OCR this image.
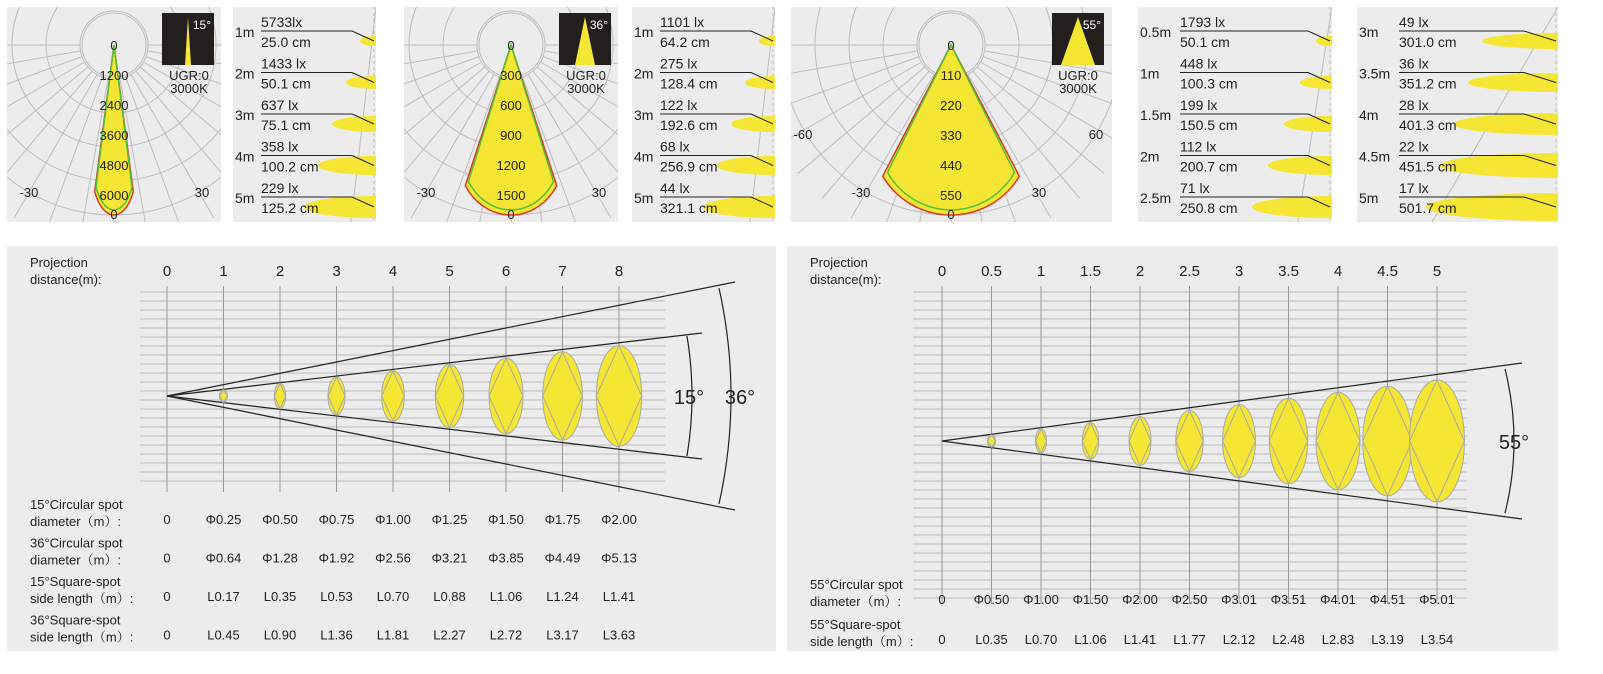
0
1200
2400
3600
4800
6000
0
-30	30
15°
UGR:0
3000K
0
300
600
900
1200
1500
0
-30	30
36°
UGR:0
3000K
0
110
220
330
440
550
0
-60	60
-30	30
55°
UGR:0
3000K
1m
5733lx
25.0 cm
2m
1433 lx
50.1 cm
3m
637 lx
75.1 cm
4m
358 lx
100.2 cm
5m
229 lx
125.2 cm
1m
1101 lx
64.2 cm
2m
275 lx
128.4 cm
3m
122 lx
192.6 cm
4m
68 lx
256.9 cm
5m
44 lx
321.1 cm
0.5m
1793 lx
50.1 cm
1m
448 lx
100.3 cm
1.5m
199 lx
150.5 cm
2m
112 lx
200.7 cm
2.5m
71 lx
250.8 cm
3m
49 lx
301.0 cm
3.5m
36 lx
351.2 cm
4m
28 lx
401.3 cm
4.5m
22 lx
451.5 cm
5m
17 lx
501.7 cm
Projection
distance(m):	0	1	2	3	4	5	6	7	8
15° 36°
15°Circular spot
diameter（m）:	0	Φ0.25 Φ0.50 Φ0.75 Φ1.00 Φ1.25 Φ1.50 Φ1.75 Φ2.00
36°Circular spot
diameter（m）:	0	Φ0.64 Φ1.28 Φ1.92 Φ2.56 Φ3.21 Φ3.85 Φ4.49 Φ5.13
15°Square-spot
side length（m）: 0	L0.17 L0.35 L0.53 L0.70 L0.88 L1.06 L1.24 L1.41
36°Square-spot
side length（m）: 0	L0.45 L0.90 L1.36 L1.81 L2.27 L2.72 L3.17 L3.63
Projection
distance(m):	0 0.5 1 1.5 2 2.5 3 3.5 4 4.5 5
55°
55°Circular spot
diameter（m）:	0 Φ0.50 Φ1.00 Φ1.50 Φ2.00 Φ2.50 Φ3.01 Φ3.51 Φ4.01 Φ4.51 Φ5.01
55°Square-spot
side length（m）: 0 L0.35 L0.70 L1.06 L1.41 L1.77 L2.12 L2.48 L2.83 L3.19 L3.54
